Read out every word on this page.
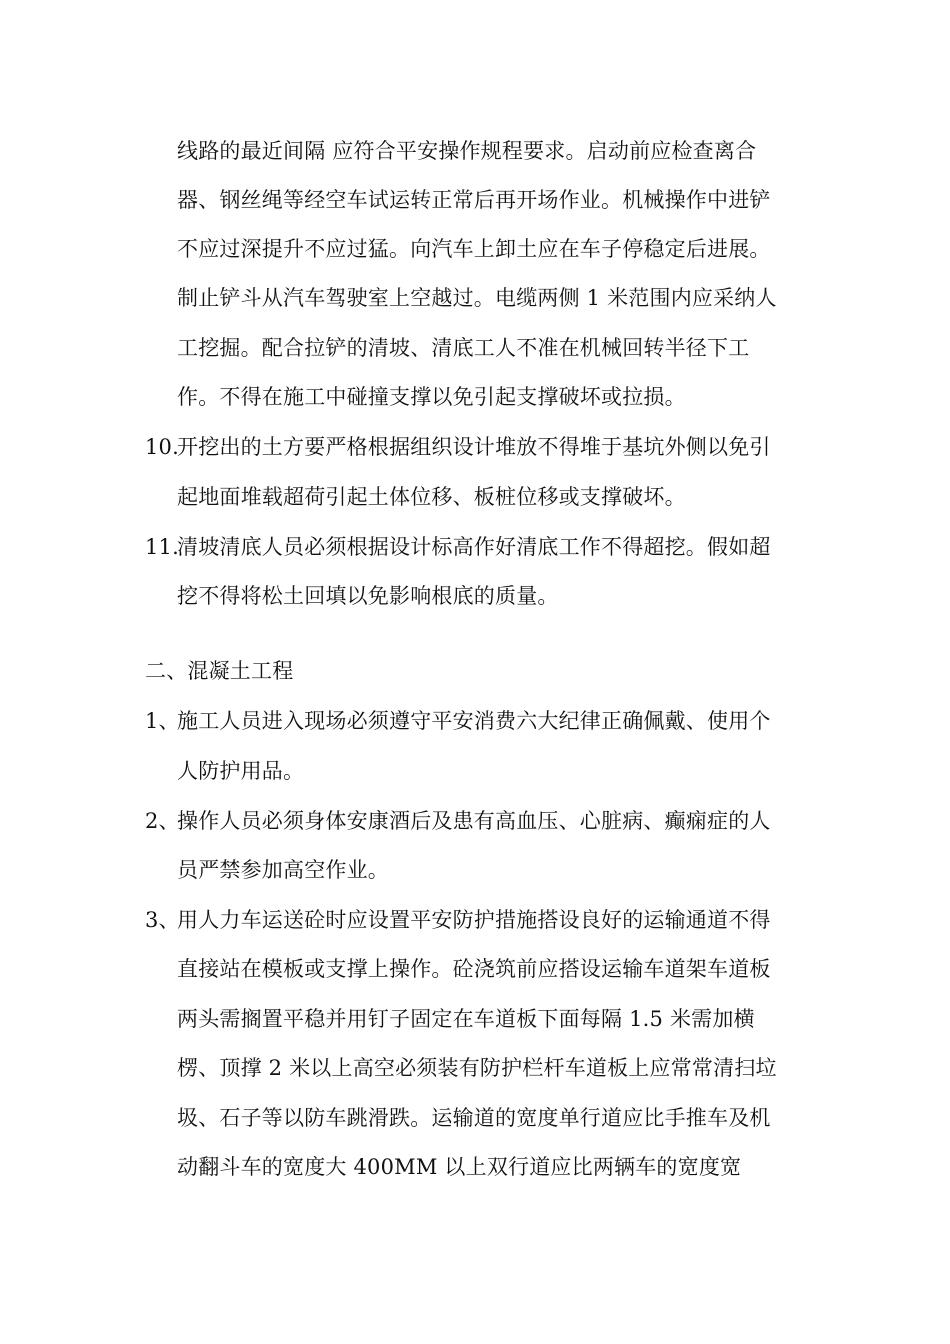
线路的最近间隔 应符合平安操作规程要求。启动前应检查离合
器、钢丝绳等经空车试运转正常后再开场作业。机械操作中进铲
不应过深提升不应过猛。向汽车上卸土应在车子停稳定后进展。
制止铲斗从汽车驾驶室上空越过。电缆两侧 1 米范围内应采纳人
工挖掘。配合拉铲的清坡、清底工人不准在机械回转半径下工
作。不得在施工中碰撞支撑以免引起支撑破坏或拉损。
10.
开挖出的土方要严格根据组织设计堆放不得堆于基坑外侧以免引
起地面堆载超荷引起土体位移、板桩位移或支撑破坏。
11.
清坡清底人员必须根据设计标高作好清底工作不得超挖。假如超
挖不得将松土回填以免影响根底的质量。
二、混凝土工程
1、
施工人员进入现场必须遵守平安消费六大纪律正确佩戴、使用个
人防护用品。
2、
操作人员必须身体安康酒后及患有高血压、心脏病、癫痫症的人
员严禁参加高空作业。
3、
用人力车运送砼时应设置平安防护措施搭设良好的运输通道不得
直接站在模板或支撑上操作。砼浇筑前应搭设运输车道架车道板
两头需搁置平稳并用钉子固定在车道板下面每隔 1.5 米需加横
楞、顶撑 2 米以上高空必须装有防护栏杆车道板上应常常清扫垃
圾、石子等以防车跳滑跌。运输道的宽度单行道应比手推车及机
动翻斗车的宽度大 400MM 以上双行道应比两辆车的宽度宽
